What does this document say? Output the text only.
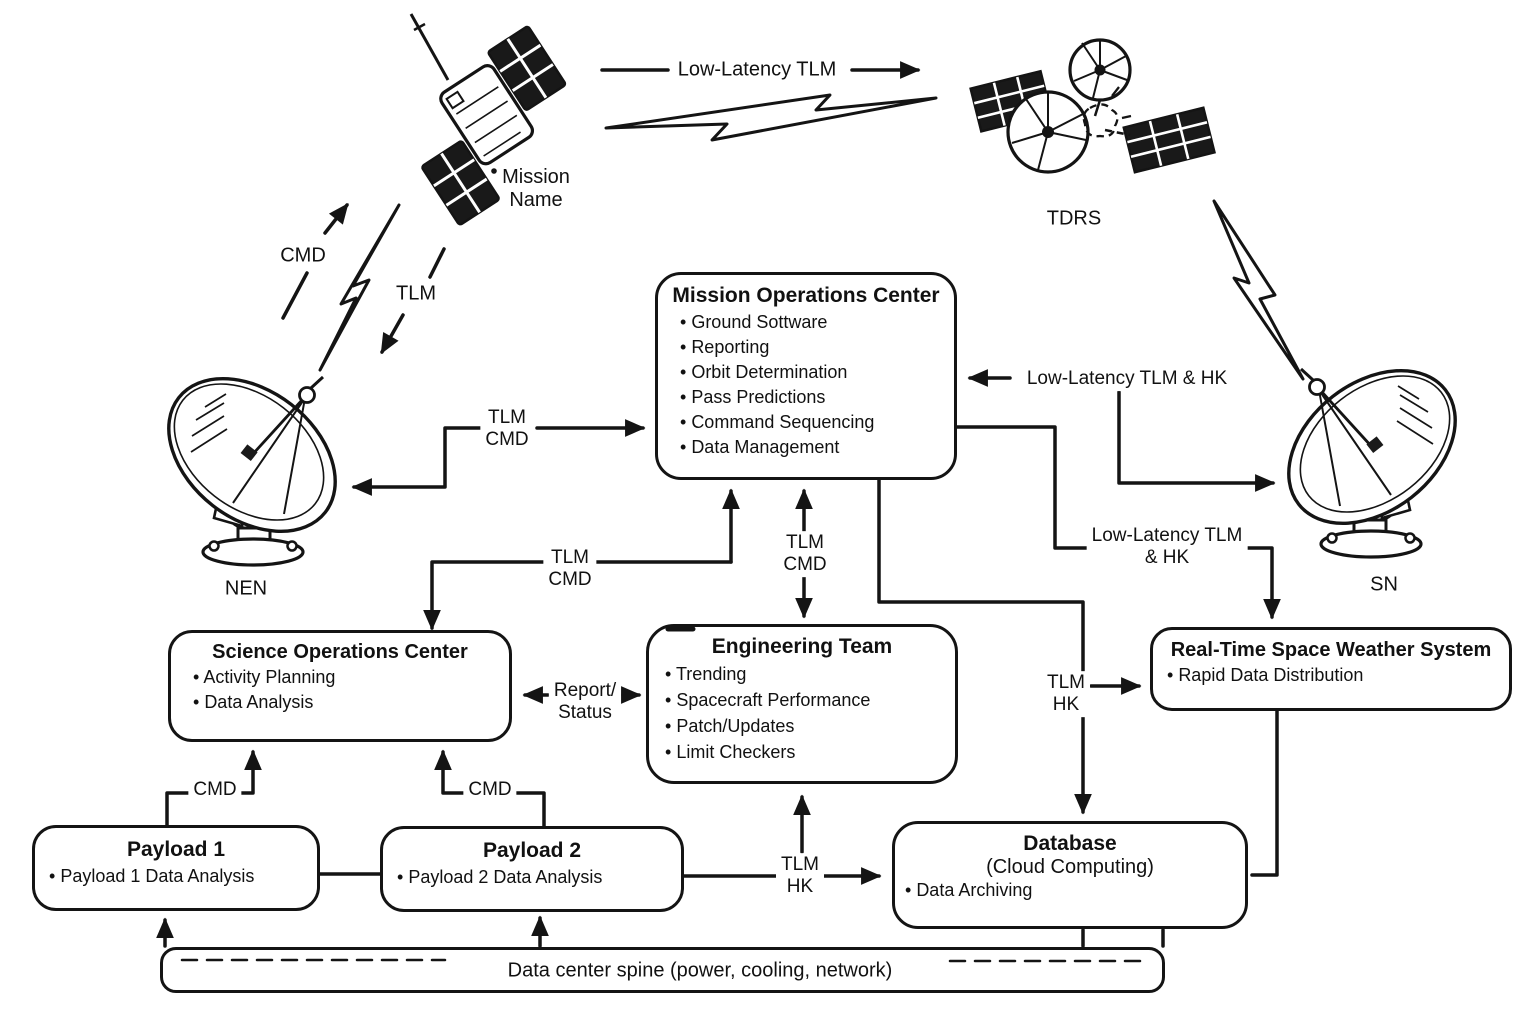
Mission Operations Center
• Ground Sottware
• Reporting
• Orbit Determination
• Pass Predictions
• Command Sequencing
• Data Management
Science Operations Center
• Activity Planning
• Data Analysis
Engineering Team
• Trending
• Spacecraft Performance
• Patch/Updates
• Limit Checkers
Real-Time Space Weather System
• Rapid Data Distribution
Payload 1
• Payload 1 Data Analysis
Payload 2
• Payload 2 Data Analysis
Database
(Cloud Computing)
• Data Archiving
Low-Latency TLM
CMD
TLM
Mission
Name
TDRS
NEN	SN
TLM
CMD
TLM
CMD
TLM
CMD
Low-Latency TLM & HK
Low-Latency TLM
& HK
Report/
Status
TLM
HK
TLM
HK
CMD	CMD
Data center spine (power, cooling, network)
